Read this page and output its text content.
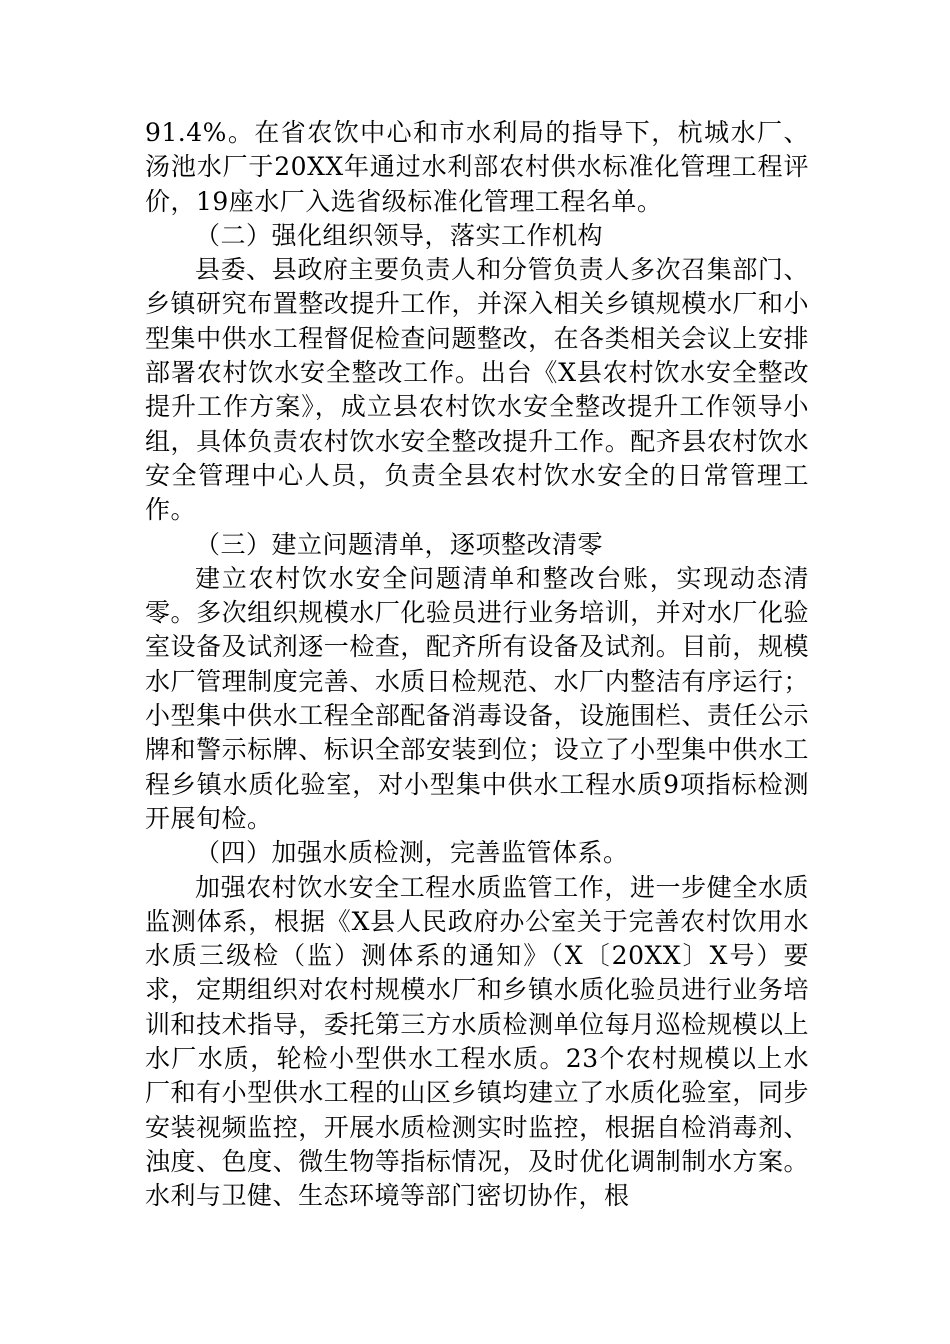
91.4%。在省农饮中心和市水利局的指导下，杭城水厂、汤池水厂于20XX年通过水利部农村供水标准化管理工程评价，19座水厂入选省级标准化管理工程名单。

（二）强化组织领导，落实工作机构

县委、县政府主要负责人和分管负责人多次召集部门、乡镇研究布置整改提升工作，并深入相关乡镇规模水厂和小型集中供水工程督促检查问题整改，在各类相关会议上安排部署农村饮水安全整改工作。出台《X县农村饮水安全整改提升工作方案》，成立县农村饮水安全整改提升工作领导小组，具体负责农村饮水安全整改提升工作。配齐县农村饮水安全管理中心人员，负责全县农村饮水安全的日常管理工作。

（三）建立问题清单，逐项整改清零

建立农村饮水安全问题清单和整改台账，实现动态清零。多次组织规模水厂化验员进行业务培训，并对水厂化验室设备及试剂逐一检查，配齐所有设备及试剂。目前，规模水厂管理制度完善、水质日检规范、水厂内整洁有序运行；小型集中供水工程全部配备消毒设备，设施围栏、责任公示牌和警示标牌、标识全部安装到位；设立了小型集中供水工程乡镇水质化验室，对小型集中供水工程水质9项指标检测开展旬检。

（四）加强水质检测，完善监管体系。

加强农村饮水安全工程水质监管工作，进一步健全水质监测体系，根据《X县人民政府办公室关于完善农村饮用水水质三级检（监）测体系的通知》（X〔20XX〕X号）要求，定期组织对农村规模水厂和乡镇水质化验员进行业务培训和技术指导，委托第三方水质检测单位每月巡检规模以上水厂水质，轮检小型供水工程水质。23个农村规模以上水厂和有小型供水工程的山区乡镇均建立了水质化验室，同步安装视频监控，开展水质检测实时监控，根据自检消毒剂、浊度、色度、微生物等指标情况，及时优化调制制水方案。水利与卫健、生态环境等部门密切协作，根
